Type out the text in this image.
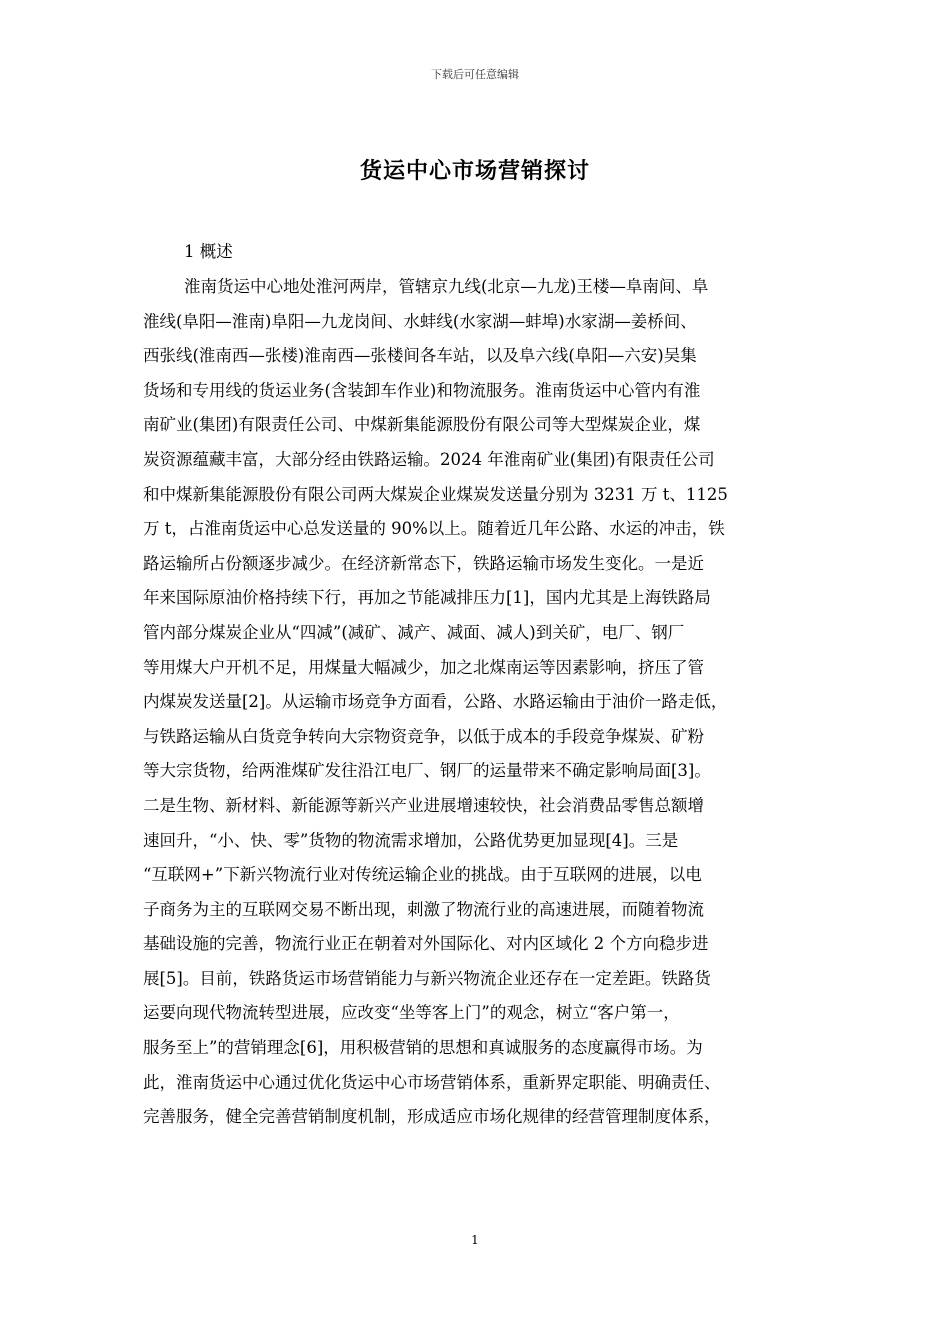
下载后可任意编辑
货运中心市场营销探讨
1 概述
淮南货运中心地处淮河两岸，管辖京九线(北京—九龙)王楼—阜南间、阜
淮线(阜阳—淮南)阜阳—九龙岗间、水蚌线(水家湖—蚌埠)水家湖—姜桥间、
西张线(淮南西—张楼)淮南西—张楼间各车站，以及阜六线(阜阳—六安)吴集
货场和专用线的货运业务(含装卸车作业)和物流服务。淮南货运中心管内有淮
南矿业(集团)有限责任公司、中煤新集能源股份有限公司等大型煤炭企业，煤
炭资源蕴藏丰富，大部分经由铁路运输。2024 年淮南矿业(集团)有限责任公司
和中煤新集能源股份有限公司两大煤炭企业煤炭发送量分别为 3231 万 t、1125
万 t，占淮南货运中心总发送量的 90%以上。随着近几年公路、水运的冲击，铁
路运输所占份额逐步减少。在经济新常态下，铁路运输市场发生变化。一是近
年来国际原油价格持续下行，再加之节能减排压力[1]，国内尤其是上海铁路局
管内部分煤炭企业从“四减”(减矿、减产、减面、减人)到关矿，电厂、钢厂
等用煤大户开机不足，用煤量大幅减少，加之北煤南运等因素影响，挤压了管
内煤炭发送量[2]。从运输市场竞争方面看，公路、水路运输由于油价一路走低，
与铁路运输从白货竞争转向大宗物资竞争，以低于成本的手段竞争煤炭、矿粉
等大宗货物，给两淮煤矿发往沿江电厂、钢厂的运量带来不确定影响局面[3]。
二是生物、新材料、新能源等新兴产业进展增速较快，社会消费品零售总额增
速回升，“小、快、零”货物的物流需求增加，公路优势更加显现[4]。三是
“互联网+”下新兴物流行业对传统运输企业的挑战。由于互联网的进展，以电
子商务为主的互联网交易不断出现，刺激了物流行业的高速进展，而随着物流
基础设施的完善，物流行业正在朝着对外国际化、对内区域化 2 个方向稳步进
展[5]。目前，铁路货运市场营销能力与新兴物流企业还存在一定差距。铁路货
运要向现代物流转型进展，应改变“坐等客上门”的观念，树立“客户第一，
服务至上”的营销理念[6]，用积极营销的思想和真诚服务的态度赢得市场。为
此，淮南货运中心通过优化货运中心市场营销体系，重新界定职能、明确责任、
完善服务，健全完善营销制度机制，形成适应市场化规律的经营管理制度体系，
1
